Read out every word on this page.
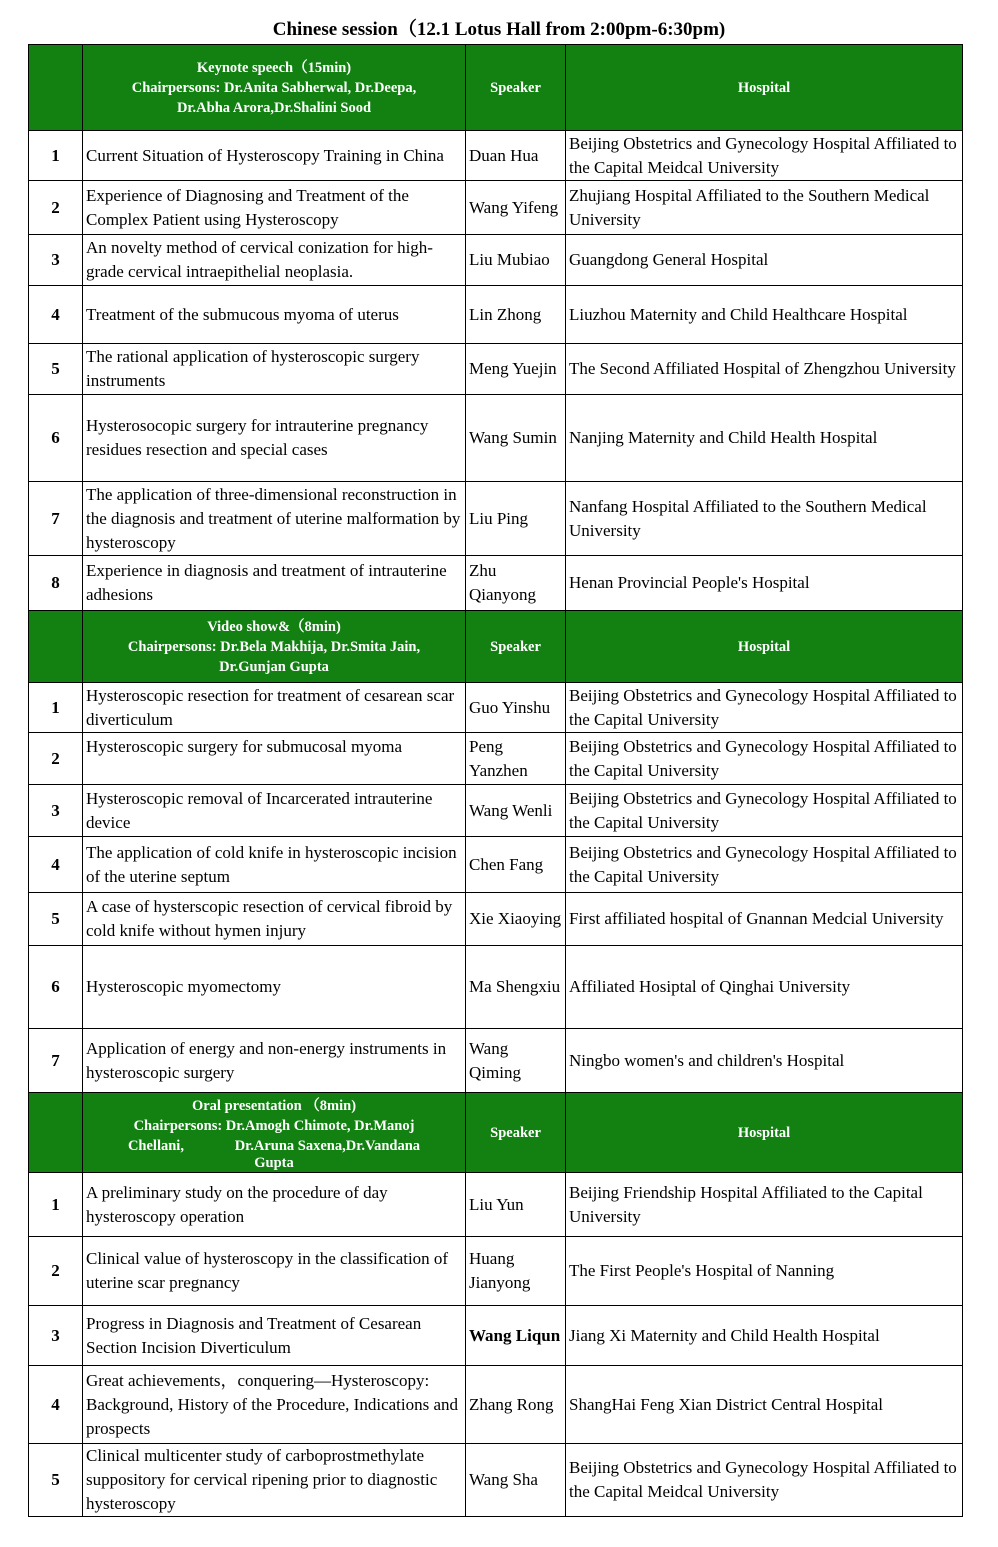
Chinese session（12.1 Lotus Hall from 2:00pm-6:30pm)

	Keynote speech（15min)
Chairpersons: Dr.Anita Sabherwal, Dr.Deepa,
Dr.Abha Arora,Dr.Shalini Sood	Speaker	Hospital
1	Current Situation of Hysteroscopy Training in China	Duan Hua	Beijing Obstetrics and Gynecology Hospital Affiliated to the Capital Meidcal University
2	Experience of Diagnosing and Treatment of the Complex Patient using Hysteroscopy	Wang Yifeng	Zhujiang Hospital Affiliated to the Southern Medical University
3	An novelty method of cervical conization for high-grade cervical intraepithelial neoplasia.	Liu Mubiao	Guangdong General Hospital
4	Treatment of the submucous myoma of uterus	Lin Zhong	Liuzhou Maternity and Child Healthcare Hospital
5	The rational application of hysteroscopic surgery instruments	Meng Yuejin	The Second Affiliated Hospital of Zhengzhou University
6	Hysterosocopic surgery for intrauterine pregnancy residues resection and special cases	Wang Sumin	Nanjing Maternity and Child Health Hospital
7	The application of three-dimensional reconstruction in the diagnosis and treatment of uterine malformation by hysteroscopy	Liu Ping	Nanfang Hospital Affiliated to the Southern Medical University
8	Experience in diagnosis and treatment of intrauterine adhesions	Zhu Qianyong	Henan Provincial People's Hospital

	Video show&（8min)
Chairpersons: Dr.Bela Makhija, Dr.Smita Jain,
Dr.Gunjan Gupta	Speaker	Hospital
1	Hysteroscopic resection for treatment of cesarean scar diverticulum	Guo Yinshu	Beijing Obstetrics and Gynecology Hospital Affiliated to the Capital University
2	Hysteroscopic surgery for submucosal myoma	Peng Yanzhen	Beijing Obstetrics and Gynecology Hospital Affiliated to the Capital University
3	Hysteroscopic removal of Incarcerated intrauterine device	Wang Wenli	Beijing Obstetrics and Gynecology Hospital Affiliated to the Capital University
4	The application of cold knife in hysteroscopic incision of the uterine septum	Chen Fang	Beijing Obstetrics and Gynecology Hospital Affiliated to the Capital University
5	A case of hysterscopic resection of cervical fibroid by cold knife without hymen injury	Xie Xiaoying	First affiliated hospital of Gnannan Medcial University
6	Hysteroscopic myomectomy	Ma Shengxiu	Affiliated Hosiptal of Qinghai University
7	Application of energy and non-energy instruments in hysteroscopic surgery	Wang Qiming	Ningbo women's and children's Hospital

	Oral presentation （8min)
Chairpersons: Dr.Amogh Chimote, Dr.Manoj
Chellani,              Dr.Aruna Saxena,Dr.Vandana
Gupta	Speaker	Hospital
1	A preliminary study on the procedure of day hysteroscopy operation	Liu Yun	Beijing Friendship Hospital Affiliated to the Capital University
2	Clinical value of hysteroscopy in the classification of uterine scar pregnancy	Huang Jianyong	The First People's Hospital of Nanning
3	Progress in Diagnosis and Treatment of Cesarean Section Incision Diverticulum	Wang Liqun	Jiang Xi Maternity and Child Health Hospital
4	Great achievements，conquering—Hysteroscopy: Background, History of the Procedure, Indications and prospects	Zhang Rong	ShangHai Feng Xian District Central Hospital
5	Clinical multicenter study of carboprostmethylate suppository for cervical ripening prior to diagnostic hysteroscopy	Wang Sha	Beijing Obstetrics and Gynecology Hospital Affiliated to the Capital Meidcal University
